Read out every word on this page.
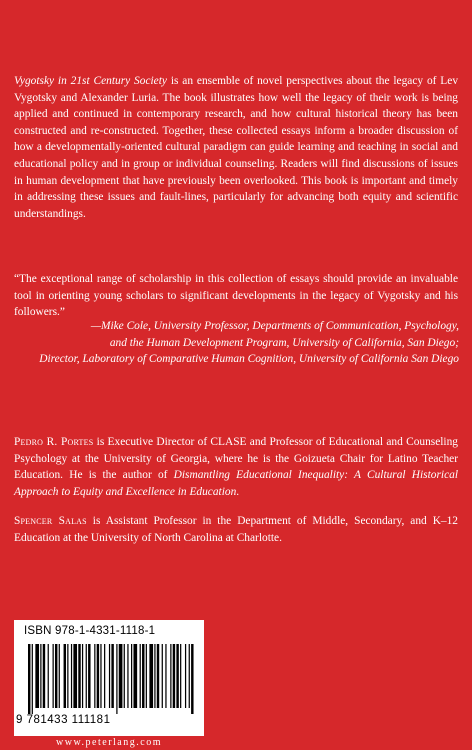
Vygotsky in 21st Century Society is an ensemble of novel perspectives about the legacy of Lev Vygotsky and Alexander Luria. The book illustrates how well the legacy of their work is being applied and continued in contemporary research, and how cultural historical theory has been constructed and re-constructed. Together, these collected essays inform a broader discussion of how a developmentally-oriented cultural paradigm can guide learning and teaching in social and educational policy and in group or individual counseling. Readers will find discussions of issues in human development that have previously been overlooked. This book is important and timely in addressing these issues and fault-lines, particularly for advancing both equity and scientific understandings.

“The exceptional range of scholarship in this collection of essays should provide an invaluable tool in orienting young scholars to significant developments in the legacy of Vygotsky and his followers.”

—Mike Cole, University Professor, Departments of Communication, Psychology,
and the Human Development Program, University of California, San Diego;
Director, Laboratory of Comparative Human Cognition, University of California San Diego

Pedro R. Portes is Executive Director of CLASE and Professor of Educational and Counseling Psychology at the University of Georgia, where he is the Goizueta Chair for Latino Teacher Education. He is the author of Dismantling Educational Inequality: A Cultural Historical Approach to Equity and Excellence in Education.

Spencer Salas is Assistant Professor in the Department of Middle, Secondary, and K–12 Education at the University of North Carolina at Charlotte.

ISBN 978-1-4331-1118-1
9 781433 111181
www.peterlang.com
